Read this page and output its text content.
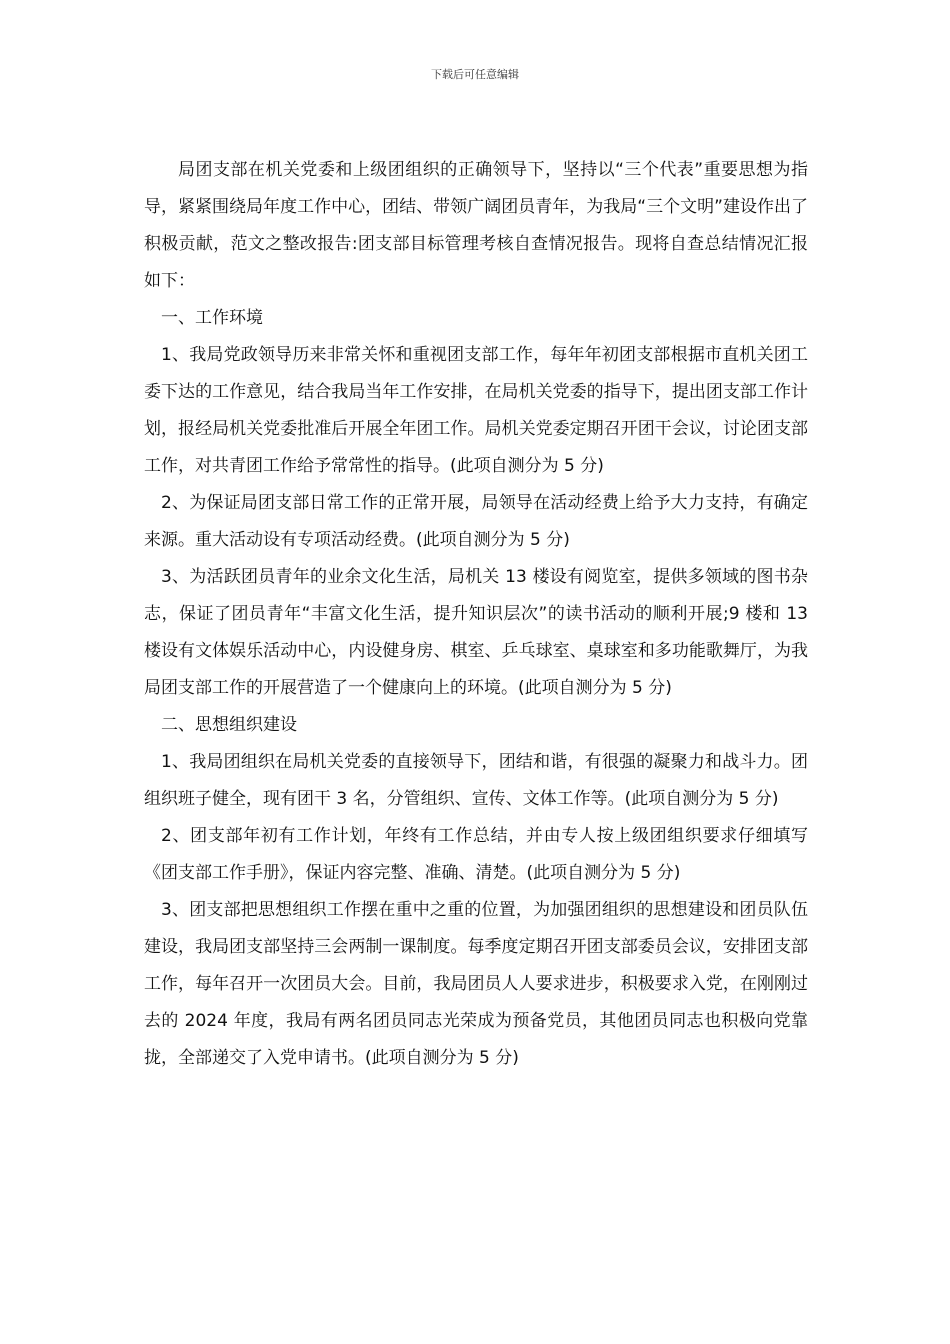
下载后可任意编辑

局团支部在机关党委和上级团组织的正确领导下，坚持以“三个代表”重要思想为指导，紧紧围绕局年度工作中心，团结、带领广阔团员青年，为我局“三个文明”建设作出了积极贡献，范文之整改报告:团支部目标管理考核自查情况报告。现将自查总结情况汇报如下：

一、工作环境

1、我局党政领导历来非常关怀和重视团支部工作，每年年初团支部根据市直机关团工委下达的工作意见，结合我局当年工作安排，在局机关党委的指导下，提出团支部工作计划，报经局机关党委批准后开展全年团工作。局机关党委定期召开团干会议，讨论团支部工作，对共青团工作给予常常性的指导。(此项自测分为 5 分)

2、为保证局团支部日常工作的正常开展，局领导在活动经费上给予大力支持，有确定来源。重大活动设有专项活动经费。(此项自测分为 5 分)

3、为活跃团员青年的业余文化生活，局机关 13 楼设有阅览室，提供多领域的图书杂志，保证了团员青年“丰富文化生活，提升知识层次”的读书活动的顺利开展;9 楼和 13 楼设有文体娱乐活动中心，内设健身房、棋室、乒乓球室、桌球室和多功能歌舞厅，为我局团支部工作的开展营造了一个健康向上的环境。(此项自测分为 5 分)

二、思想组织建设

1、我局团组织在局机关党委的直接领导下，团结和谐，有很强的凝聚力和战斗力。团组织班子健全，现有团干 3 名，分管组织、宣传、文体工作等。(此项自测分为 5 分)

2、团支部年初有工作计划，年终有工作总结，并由专人按上级团组织要求仔细填写《团支部工作手册》，保证内容完整、准确、清楚。(此项自测分为 5 分)

3、团支部把思想组织工作摆在重中之重的位置，为加强团组织的思想建设和团员队伍建设，我局团支部坚持三会两制一课制度。每季度定期召开团支部委员会议，安排团支部工作，每年召开一次团员大会。目前，我局团员人人要求进步，积极要求入党，在刚刚过去的 2024 年度，我局有两名团员同志光荣成为预备党员，其他团员同志也积极向党靠拢，全部递交了入党申请书。(此项自测分为 5 分)
